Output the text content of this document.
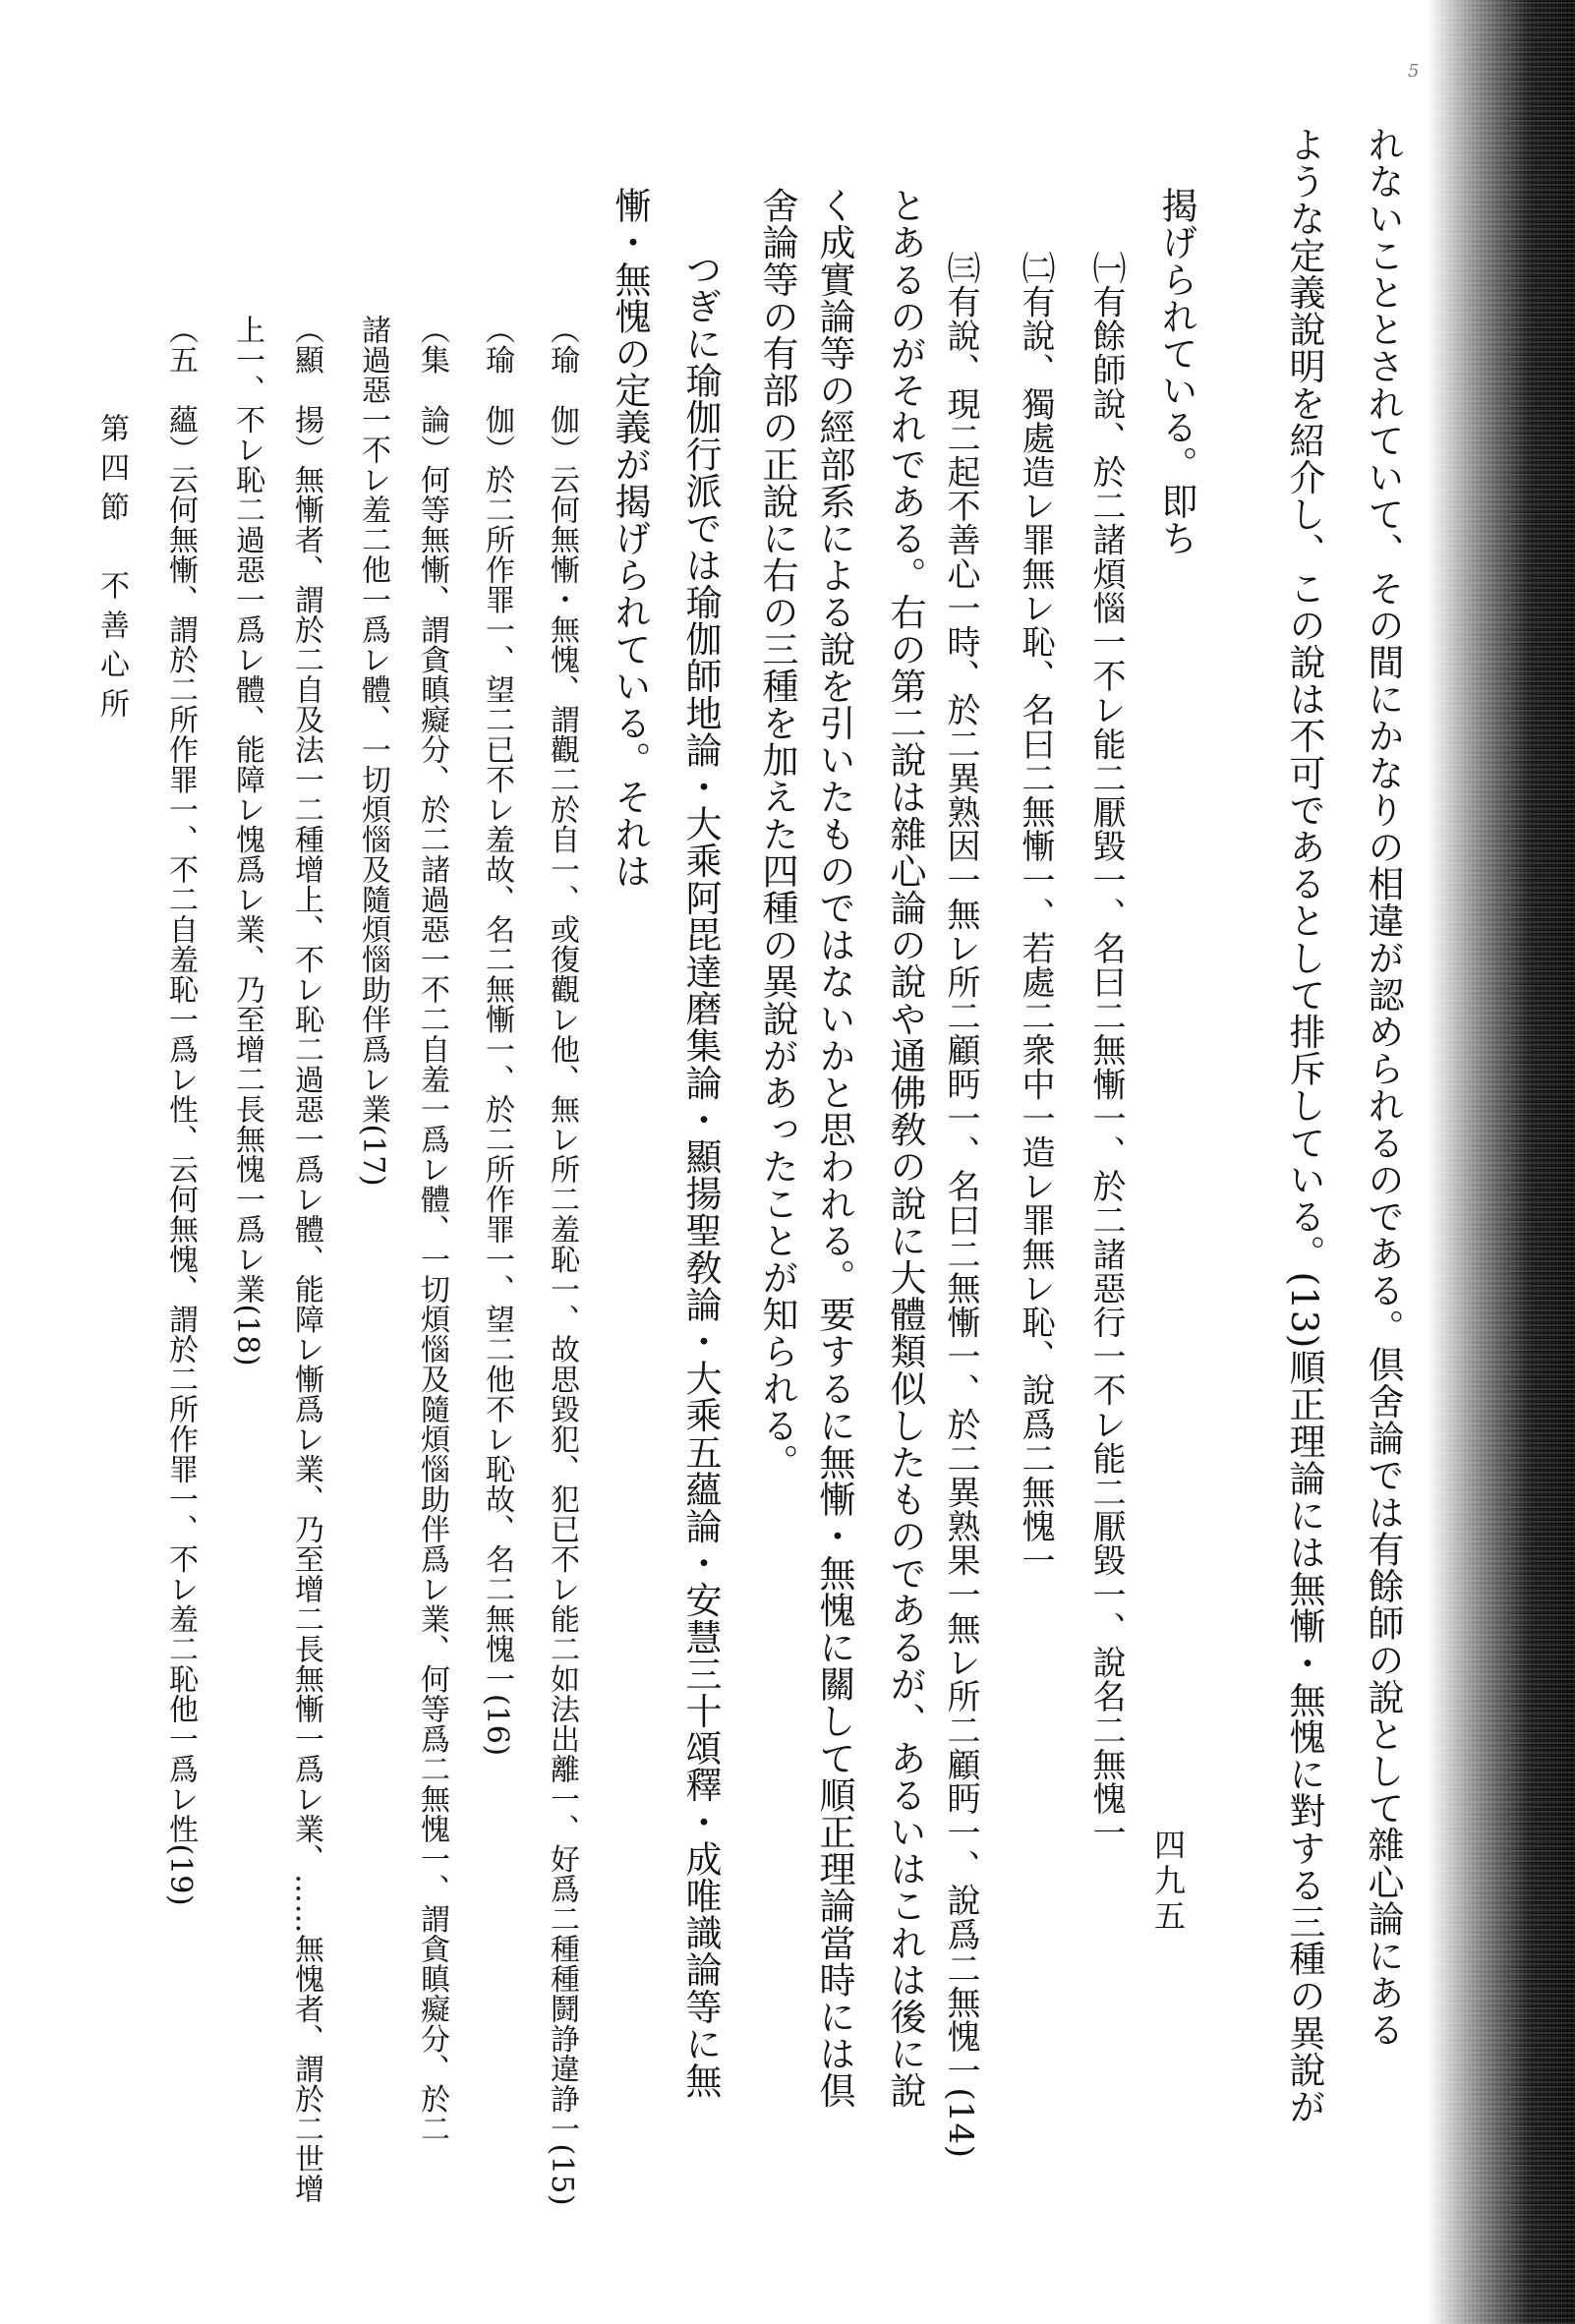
5
れないこととされていて、その間にかなりの相違が認められるのである。倶舍論では有餘師の說として雜心論にある
ような定義說明を紹介し、この說は不可であるとして排斥している。(13)順正理論には無慚・無愧に對する三種の異說が
揭げられている。即ち
㈠有餘師說、於二諸煩惱一不レ能二厭毀一、名曰二無慚一、於二諸惡行一不レ能二厭毀一、說名二無愧一
㈡有說、獨處造レ罪無レ恥、名曰二無慚一、若處二衆中一造レ罪無レ恥、說爲二無愧一
㈢有說、現二起不善心一時、於二異熟因一無レ所二顧眄一、名曰二無慚一、於二異熟果一無レ所二顧眄一、說爲二無愧一(14)
とあるのがそれである。右の第二說は雜心論の說や通佛敎の說に大體類似したものであるが、あるいはこれは後に說
く成實論等の經部系による說を引いたものではないかと思われる。要するに無慚・無愧に關して順正理論當時には倶
舍論等の有部の正說に右の三種を加えた四種の異說があったことが知られる。
つぎに瑜伽行派では瑜伽師地論・大乘阿毘達磨集論・顯揚聖敎論・大乘五蘊論・安慧三十頌釋・成唯識論等に無
慚・無愧の定義が揭げられている。それは
（瑜　伽）云何無慚・無愧、謂觀二於自一、或復觀レ他、無レ所二羞恥一、故思毀犯、犯已不レ能二如法出離一、好爲二種種鬪諍違諍一(15)
（瑜　伽）於二所作罪一、望二已不レ羞故、名二無慚一、於二所作罪一、望二他不レ恥故、名二無愧一(16)
（集　論）何等無慚、謂貪瞋癡分、於二諸過惡一不二自羞一爲レ體、一切煩惱及隨煩惱助伴爲レ業、何等爲二無愧一、謂貪瞋癡分、於二
諸過惡一不レ羞二他一爲レ體、一切煩惱及隨煩惱助伴爲レ業(17)
（顯　揚）無慚者、謂於二自及法一二種增上、不レ恥二過惡一爲レ體、能障レ慚爲レ業、乃至增二長無慚一爲レ業、……無愧者、謂於二世增
上一、不レ恥二過惡一爲レ體、能障レ愧爲レ業、乃至增二長無愧一爲レ業(18)
（五　蘊）云何無慚、謂於二所作罪一、不二自羞恥一爲レ性、云何無愧、謂於二所作罪一、不レ羞二恥他一爲レ性(19)
第四節　不善心所
四九五
